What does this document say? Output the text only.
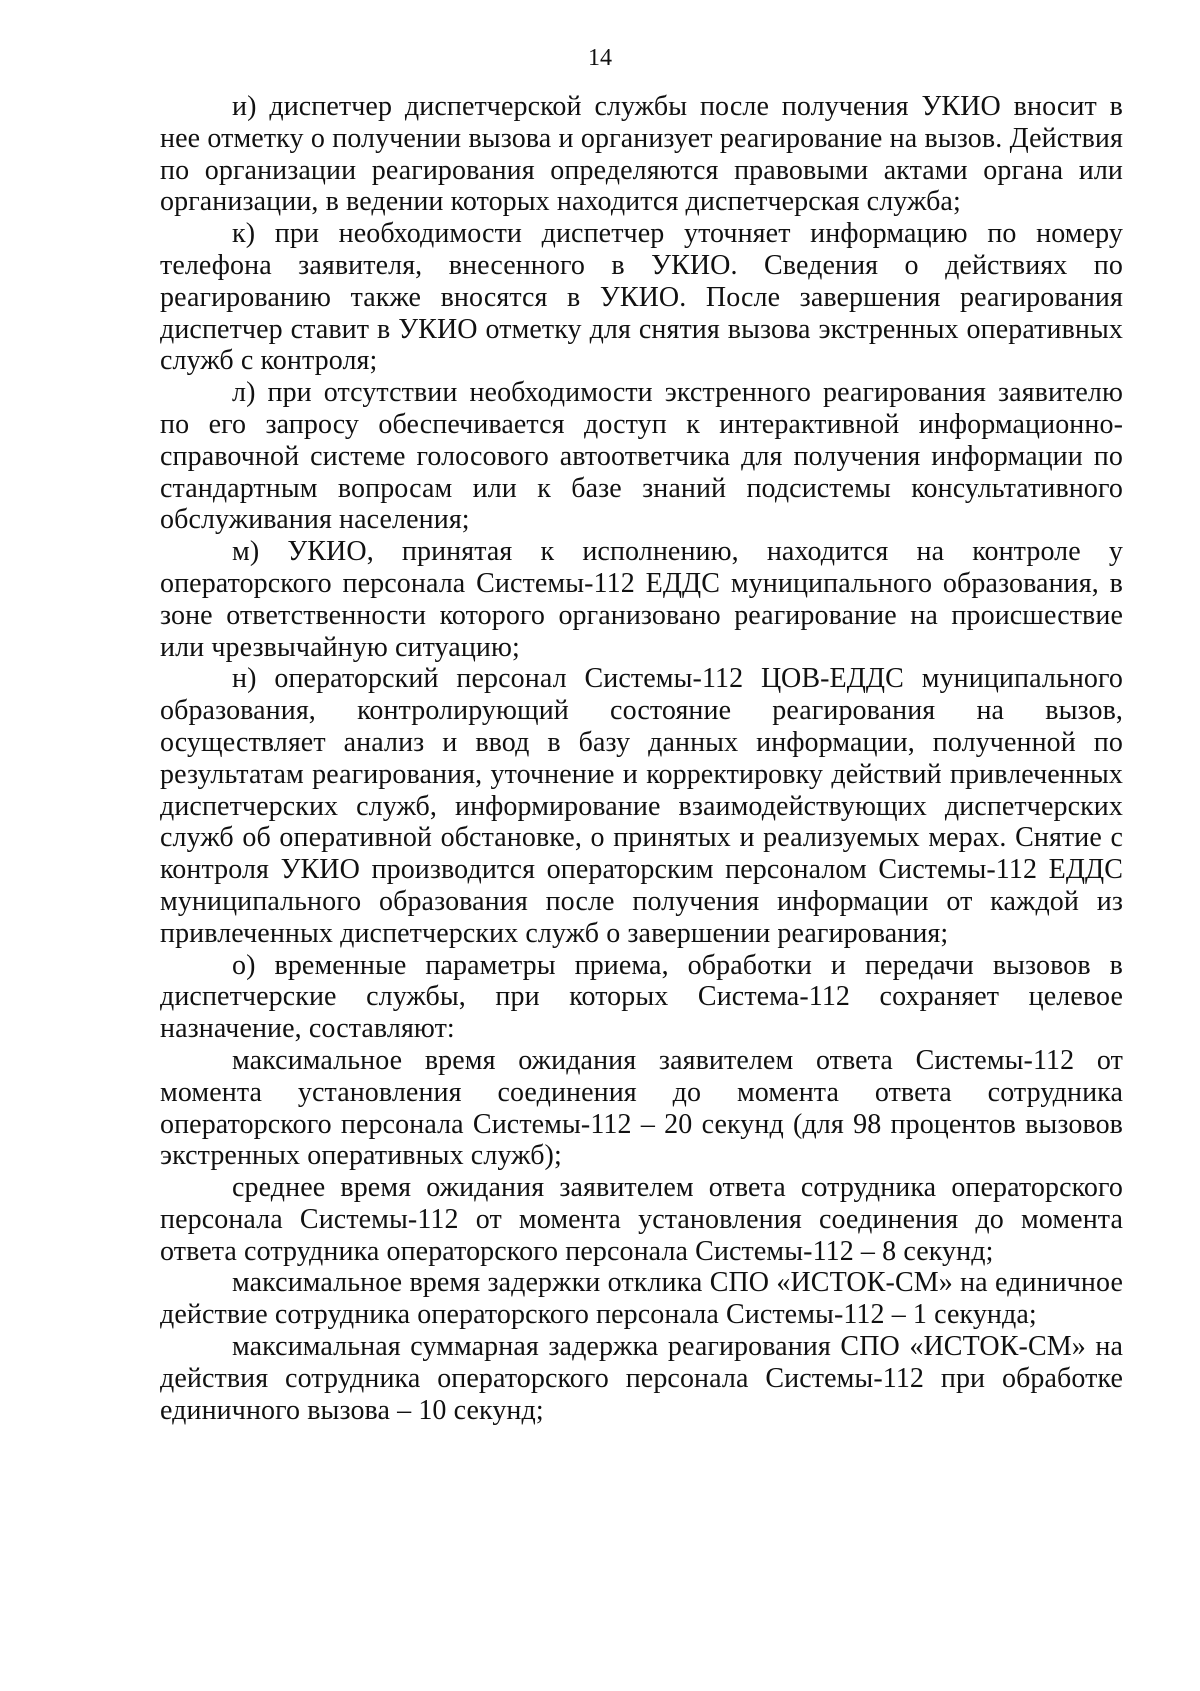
14

и) диспетчер диспетчерской службы после получения УКИО вносит в нее отметку о получении вызова и организует реагирование на вызов. Действия по организации реагирования определяются правовыми актами органа или организации, в ведении которых находится диспетчерская служба;

к) при необходимости диспетчер уточняет информацию по номеру телефона заявителя, внесенного в УКИО. Сведения о действиях по реагированию также вносятся в УКИО. После завершения реагирования диспетчер ставит в УКИО отметку для снятия вызова экстренных оперативных служб с контроля;

л) при отсутствии необходимости экстренного реагирования заявителю по его запросу обеспечивается доступ к интерактивной информационно-справочной системе голосового автоответчика для получения информации по стандартным вопросам или к базе знаний подсистемы консультативного обслуживания населения;

м) УКИО, принятая к исполнению, находится на контроле у операторского персонала Системы-112 ЕДДС муниципального образования, в зоне ответственности которого организовано реагирование на происшествие или чрезвычайную ситуацию;

н) операторский персонал Системы-112 ЦОВ-ЕДДС муниципального образования, контролирующий состояние реагирования на вызов, осуществляет анализ и ввод в базу данных информации, полученной по результатам реагирования, уточнение и корректировку действий привлеченных диспетчерских служб, информирование взаимодействующих диспетчерских служб об оперативной обстановке, о принятых и реализуемых мерах. Снятие с контроля УКИО производится операторским персоналом Системы-112 ЕДДС муниципального образования после получения информации от каждой из привлеченных диспетчерских служб о завершении реагирования;

о) временные параметры приема, обработки и передачи вызовов в диспетчерские службы, при которых Система-112 сохраняет целевое назначение, составляют:

максимальное время ожидания заявителем ответа Системы-112 от момента установления соединения до момента ответа сотрудника операторского персонала Системы-112 – 20 секунд (для 98 процентов вызовов экстренных оперативных служб);

среднее время ожидания заявителем ответа сотрудника операторского персонала Системы-112 от момента установления соединения до момента ответа сотрудника операторского персонала Системы-112 – 8 секунд;

максимальное время задержки отклика СПО «ИСТОК-СМ» на единичное действие сотрудника операторского персонала Системы-112 – 1 секунда;

максимальная суммарная задержка реагирования СПО «ИСТОК-СМ» на действия сотрудника операторского персонала Системы-112 при обработке единичного вызова – 10 секунд;
